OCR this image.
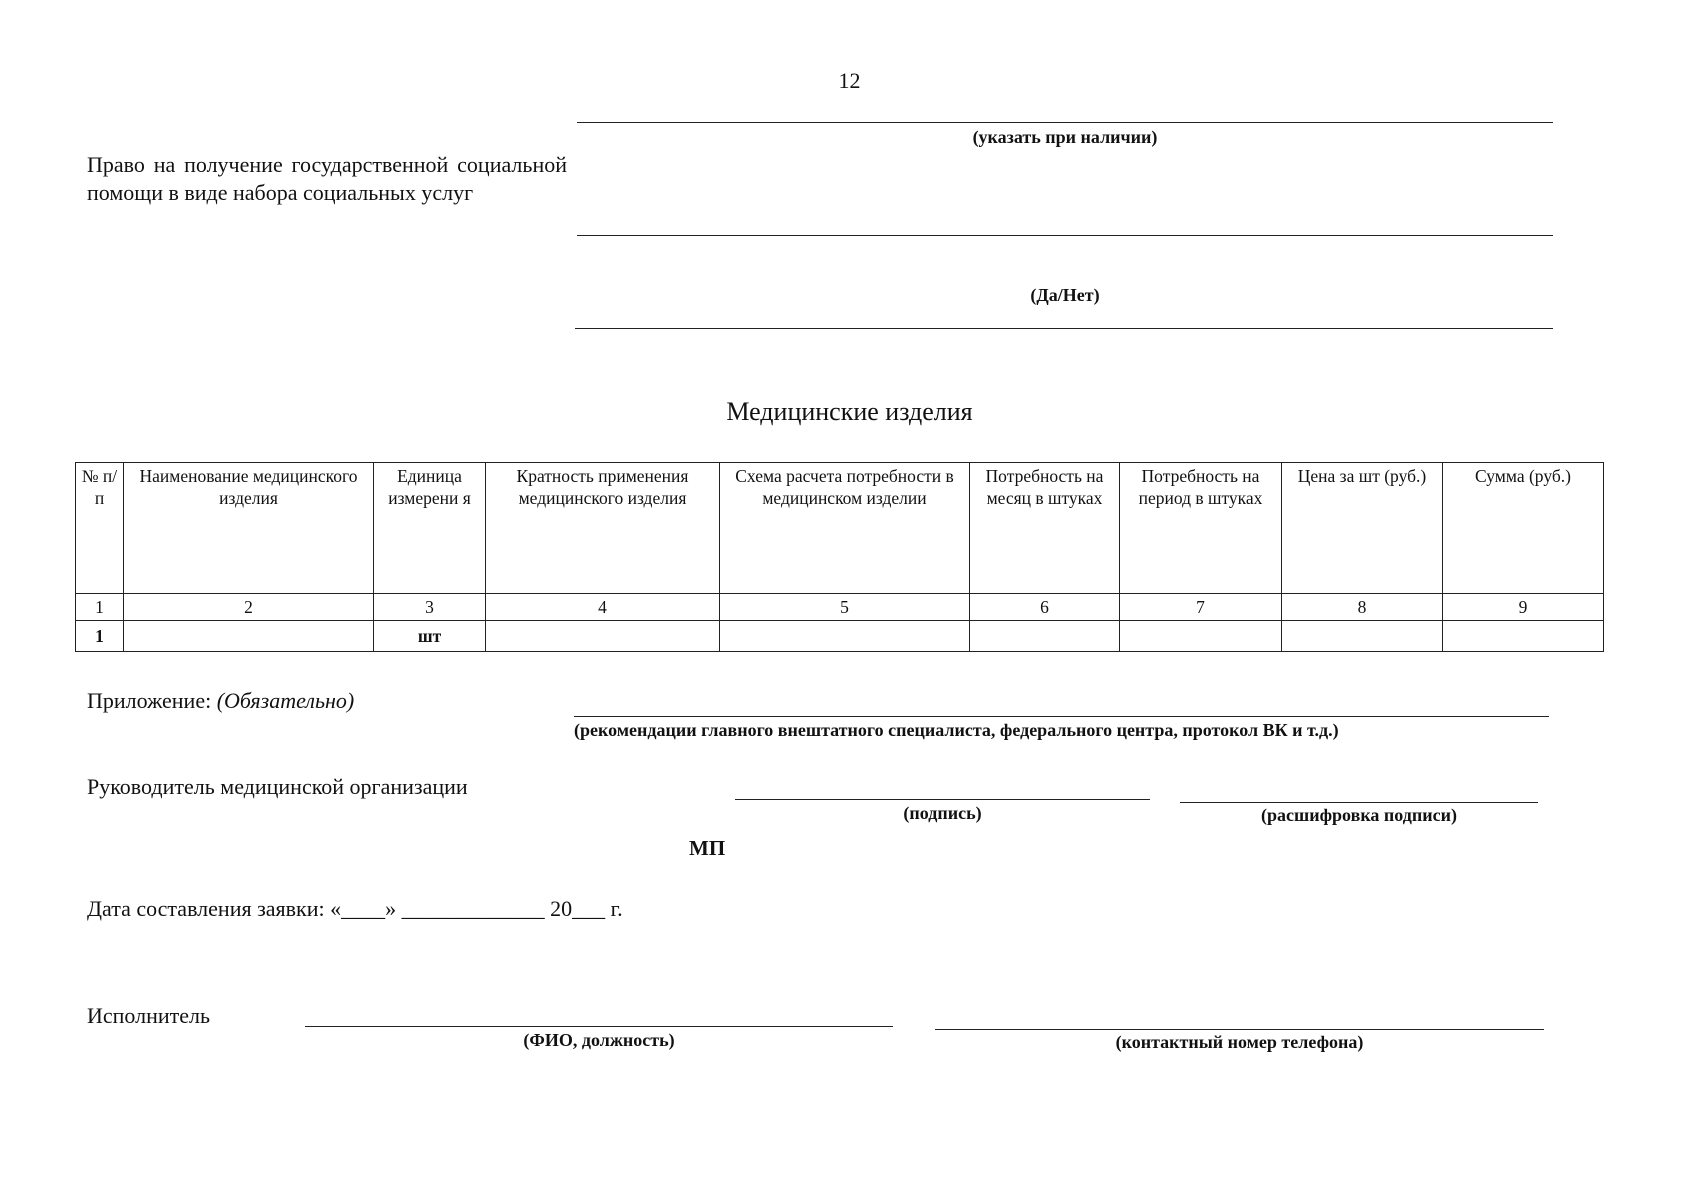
12
(указать при наличии)
Право на получение государственной социальной помощи в виде набора социальных услуг
(Да/Нет)
Медицинские изделия
№ п/ п	Наименование медицинского изделия	Единица измерени я	Кратность применения медицинского изделия	Схема расчета потребности в медицинском изделии	Потребность на месяц в штуках	Потребность на период в штуках	Цена за шт (руб.)	Сумма (руб.)
1	2	3	4	5	6	7	8	9
1		шт						
Приложение: (Обязательно)
(рекомендации главного внештатного специалиста, федерального центра, протокол ВК и т.д.)
Руководитель медицинской организации
(подпись)	(расшифровка подписи)
МП
Дата составления заявки: «____» _____________ 20___ г.
Исполнитель
(ФИО, должность)	(контактный номер телефона)
